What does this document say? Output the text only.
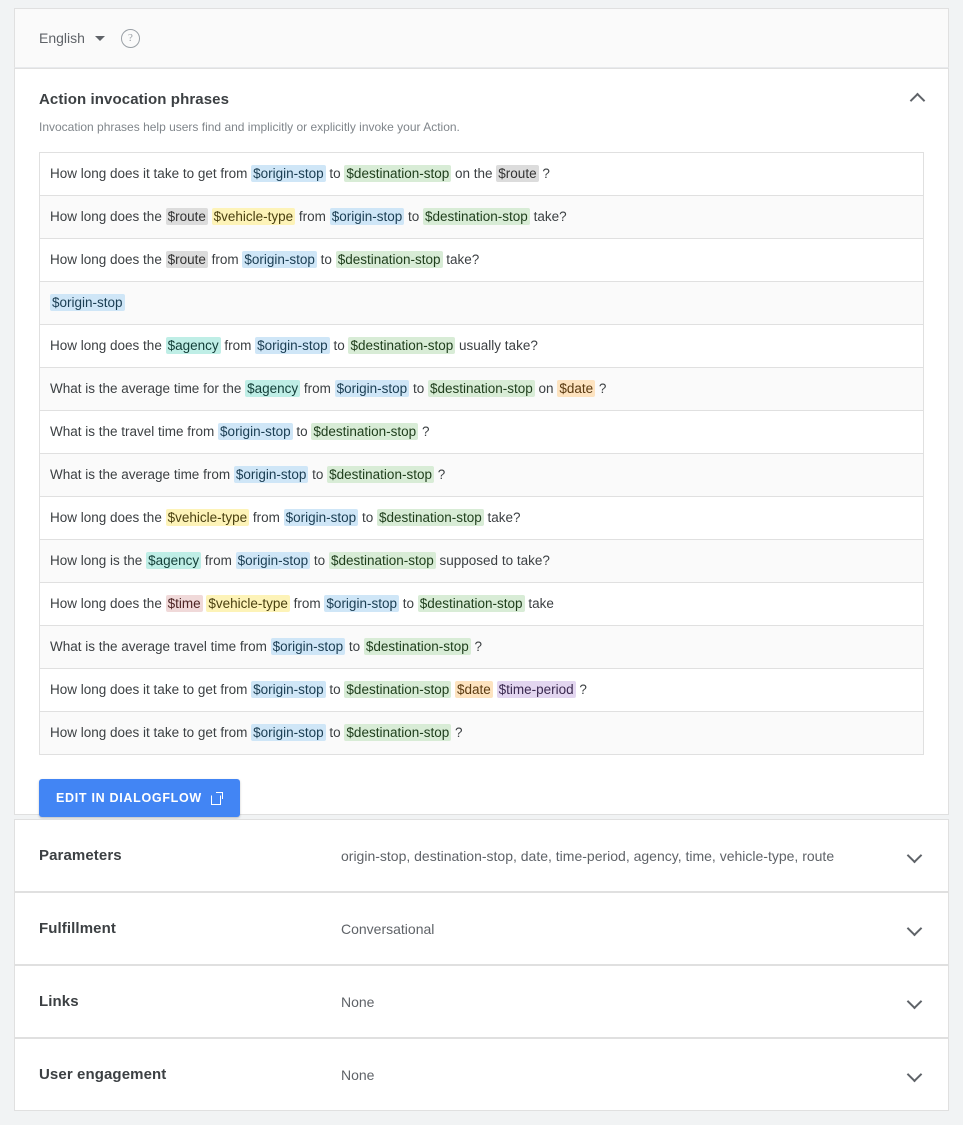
English	?
Action invocation phrases
Invocation phrases help users find and implicitly or explicitly invoke your Action.
How long does it take to get from $origin-stop to $destination-stop on the $route ?
How long does the $route $vehicle-type from $origin-stop to $destination-stop take?
How long does the $route from $origin-stop to $destination-stop take?
$origin-stop
How long does the $agency from $origin-stop to $destination-stop usually take?
What is the average time for the $agency from $origin-stop to $destination-stop on $date ?
What is the travel time from $origin-stop to $destination-stop ?
What is the average time from $origin-stop to $destination-stop ?
How long does the $vehicle-type from $origin-stop to $destination-stop take?
How long is the $agency from $origin-stop to $destination-stop supposed to take?
How long does the $time $vehicle-type from $origin-stop to $destination-stop take
What is the average travel time from $origin-stop to $destination-stop ?
How long does it take to get from $origin-stop to $destination-stop $date $time-period ?
How long does it take to get from $origin-stop to $destination-stop ?
EDIT IN DIALOGFLOW
Parameters	origin-stop, destination-stop, date, time-period, agency, time, vehicle-type, route
Fulfillment	Conversational
Links	None
User engagement	None
